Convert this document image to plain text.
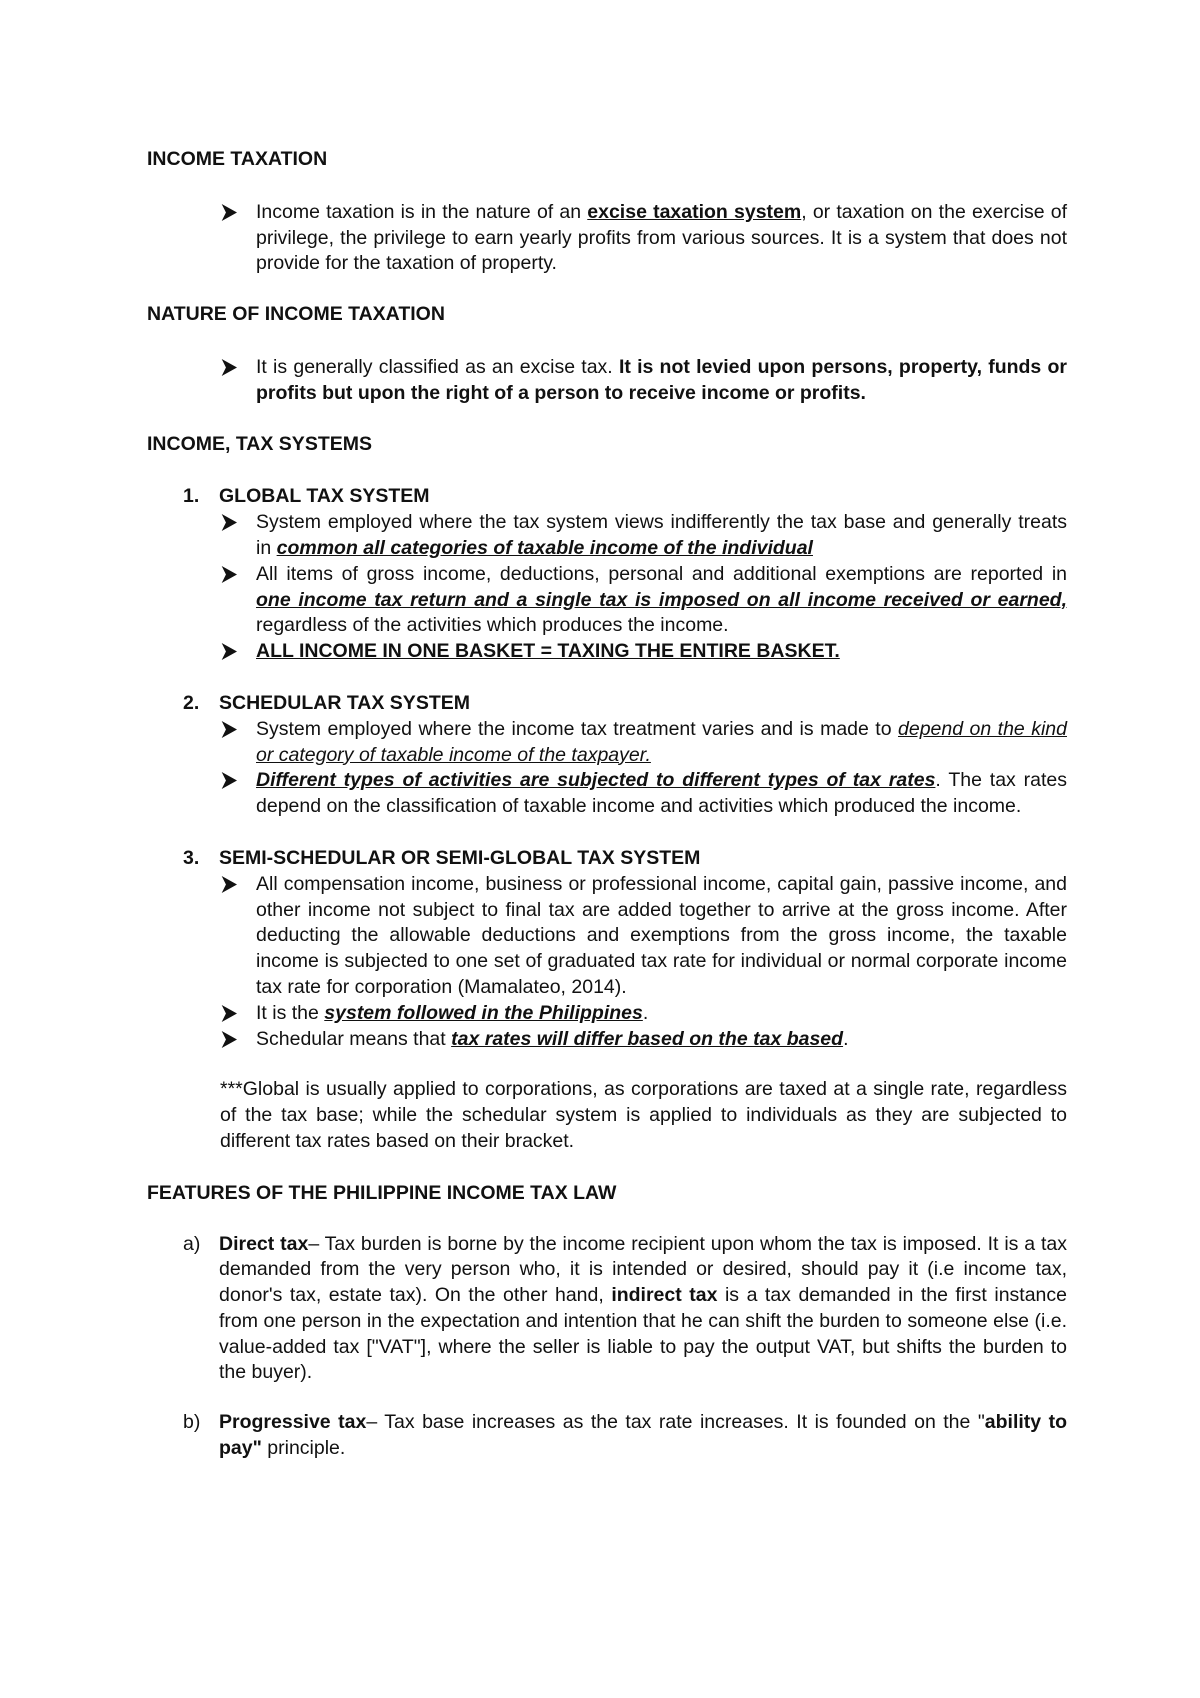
INCOME TAXATION

Income taxation is in the nature of an excise taxation system, or taxation on the exercise of privilege, the privilege to earn yearly profits from various sources. It is a system that does not provide for the taxation of property.

NATURE OF INCOME TAXATION

It is generally classified as an excise tax. It is not levied upon persons, property, funds or profits but upon the right of a person to receive income or profits.

INCOME, TAX SYSTEMS

1. GLOBAL TAX SYSTEM

System employed where the tax system views indifferently the tax base and generally treats in common all categories of taxable income of the individual
All items of gross income, deductions, personal and additional exemptions are reported in one income tax return and a single tax is imposed on all income received or earned, regardless of the activities which produces the income.
ALL INCOME IN ONE BASKET = TAXING THE ENTIRE BASKET.

2. SCHEDULAR TAX SYSTEM

System employed where the income tax treatment varies and is made to depend on the kind or category of taxable income of the taxpayer.
Different types of activities are subjected to different types of tax rates. The tax rates depend on the classification of taxable income and activities which produced the income.

3. SEMI-SCHEDULAR OR SEMI-GLOBAL TAX SYSTEM

All compensation income, business or professional income, capital gain, passive income, and other income not subject to final tax are added together to arrive at the gross income. After deducting the allowable deductions and exemptions from the gross income, the taxable income is subjected to one set of graduated tax rate for individual or normal corporate income tax rate for corporation (Mamalateo, 2014).
It is the system followed in the Philippines.
Schedular means that tax rates will differ based on the tax based.

***Global is usually applied to corporations, as corporations are taxed at a single rate, regardless of the tax base; while the schedular system is applied to individuals as they are subjected to different tax rates based on their bracket.

FEATURES OF THE PHILIPPINE INCOME TAX LAW

a) Direct tax– Tax burden is borne by the income recipient upon whom the tax is imposed. It is a tax demanded from the very person who, it is intended or desired, should pay it (i.e income tax, donor's tax, estate tax). On the other hand, indirect tax is a tax demanded in the first instance from one person in the expectation and intention that he can shift the burden to someone else (i.e. value-added tax ["VAT"], where the seller is liable to pay the output VAT, but shifts the burden to the buyer).
b) Progressive tax– Tax base increases as the tax rate increases. It is founded on the "ability to pay" principle.
